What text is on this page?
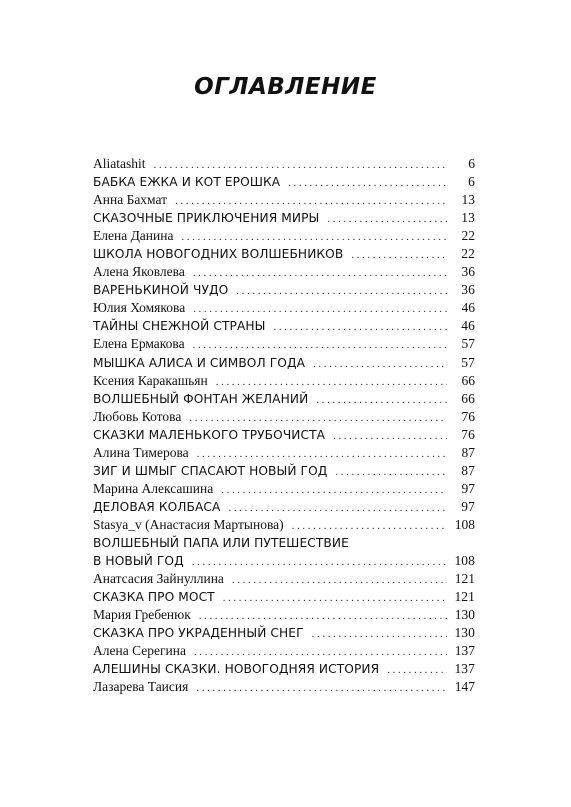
ОГЛАВЛЕНИЕ
Aliatashit .....	6
БАБКА ЕЖКА И КОТ ЕРОШКА .....	6
Анна Бахмат .....	13
СКАЗОЧНЫЕ ПРИКЛЮЧЕНИЯ МИРЫ .....	13
Елена Данина .....	22
ШКОЛА НОВОГОДНИХ ВОЛШЕБНИКОВ .....	22
Алена Яковлева .....	36
ВАРЕНЬКИНОЙ ЧУДО .....	36
Юлия Хомякова .....	46
ТАЙНЫ СНЕЖНОЙ СТРАНЫ .....	46
Елена Ермакова .....	57
МЫШКА АЛИСА И СИМВОЛ ГОДА .....	57
Ксения Каракашьян .....	66
ВОЛШЕБНЫЙ ФОНТАН ЖЕЛАНИЙ .....	66
Любовь Котова .....	76
СКАЗКИ МАЛЕНЬКОГО ТРУБОЧИСТА .....	76
Алина Тимерова .....	87
ЗИГ И ШМЫГ СПАСАЮТ НОВЫЙ ГОД .....	87
Марина Алексашина .....	97
ДЕЛОВАЯ КОЛБАСА .....	97
Stasya_v (Анастасия Мартынова) .....	108
ВОЛШЕБНЫЙ ПАПА ИЛИ ПУТЕШЕСТВИЕ
В НОВЫЙ ГОД .....	108
Анатсасия Зайнуллина .....	121
СКАЗКА ПРО МОСТ .....	121
Мария Гребенюк .....	130
СКАЗКА ПРО УКРАДЕННЫЙ СНЕГ .....	130
Алена Серегина .....	137
АЛЕШИНЫ СКАЗКИ. НОВОГОДНЯЯ ИСТОРИЯ .....	137
Лазарева Таисия .....	147
